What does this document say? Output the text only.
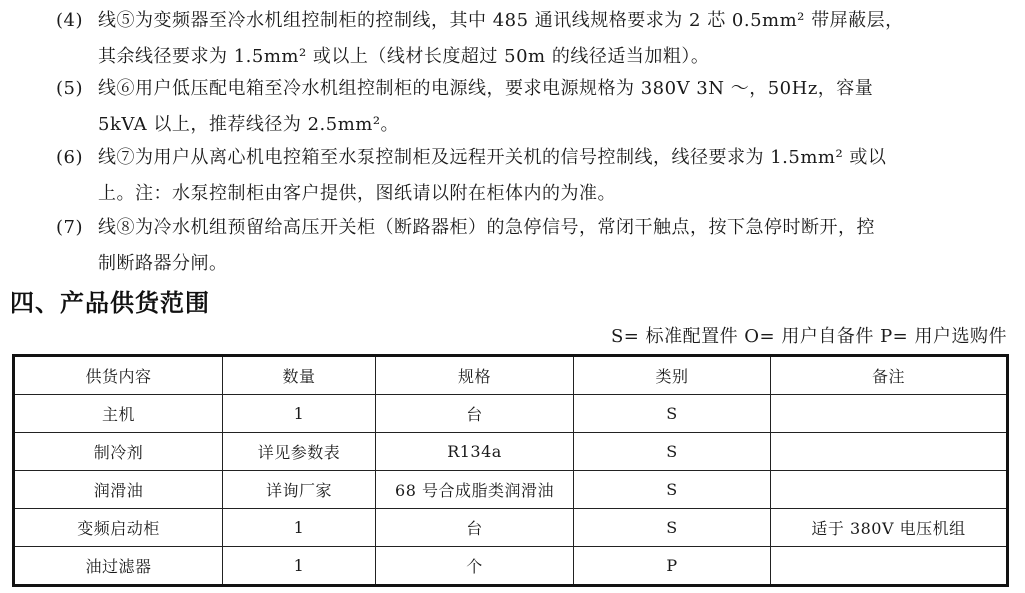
(4) 线⑤为变频器至冷水机组控制柜的控制线，其中 485 通讯线规格要求为 2 芯 0.5mm² 带屏蔽层，
其余线径要求为 1.5mm² 或以上（线材长度超过 50m 的线径适当加粗）。
(5) 线⑥用户低压配电箱至冷水机组控制柜的电源线，要求电源规格为 380V 3N ～，50Hz，容量
5kVA 以上，推荐线径为 2.5mm²。
(6) 线⑦为用户从离心机电控箱至水泵控制柜及远程开关机的信号控制线，线径要求为 1.5mm² 或以
上。注：水泵控制柜由客户提供，图纸请以附在柜体内的为准。
(7) 线⑧为冷水机组预留给高压开关柜（断路器柜）的急停信号，常闭干触点，按下急停时断开，控
制断路器分闸。
四、产品供货范围
S= 标准配置件 O= 用户自备件 P= 用户选购件
供货内容	数量	规格	类别	备注
主机	1	台	S	
制冷剂	详见参数表	R134a	S	
润滑油	详询厂家	68 号合成脂类润滑油	S	
变频启动柜	1	台	S	适于 380V 电压机组
油过滤器	1	个	P	
